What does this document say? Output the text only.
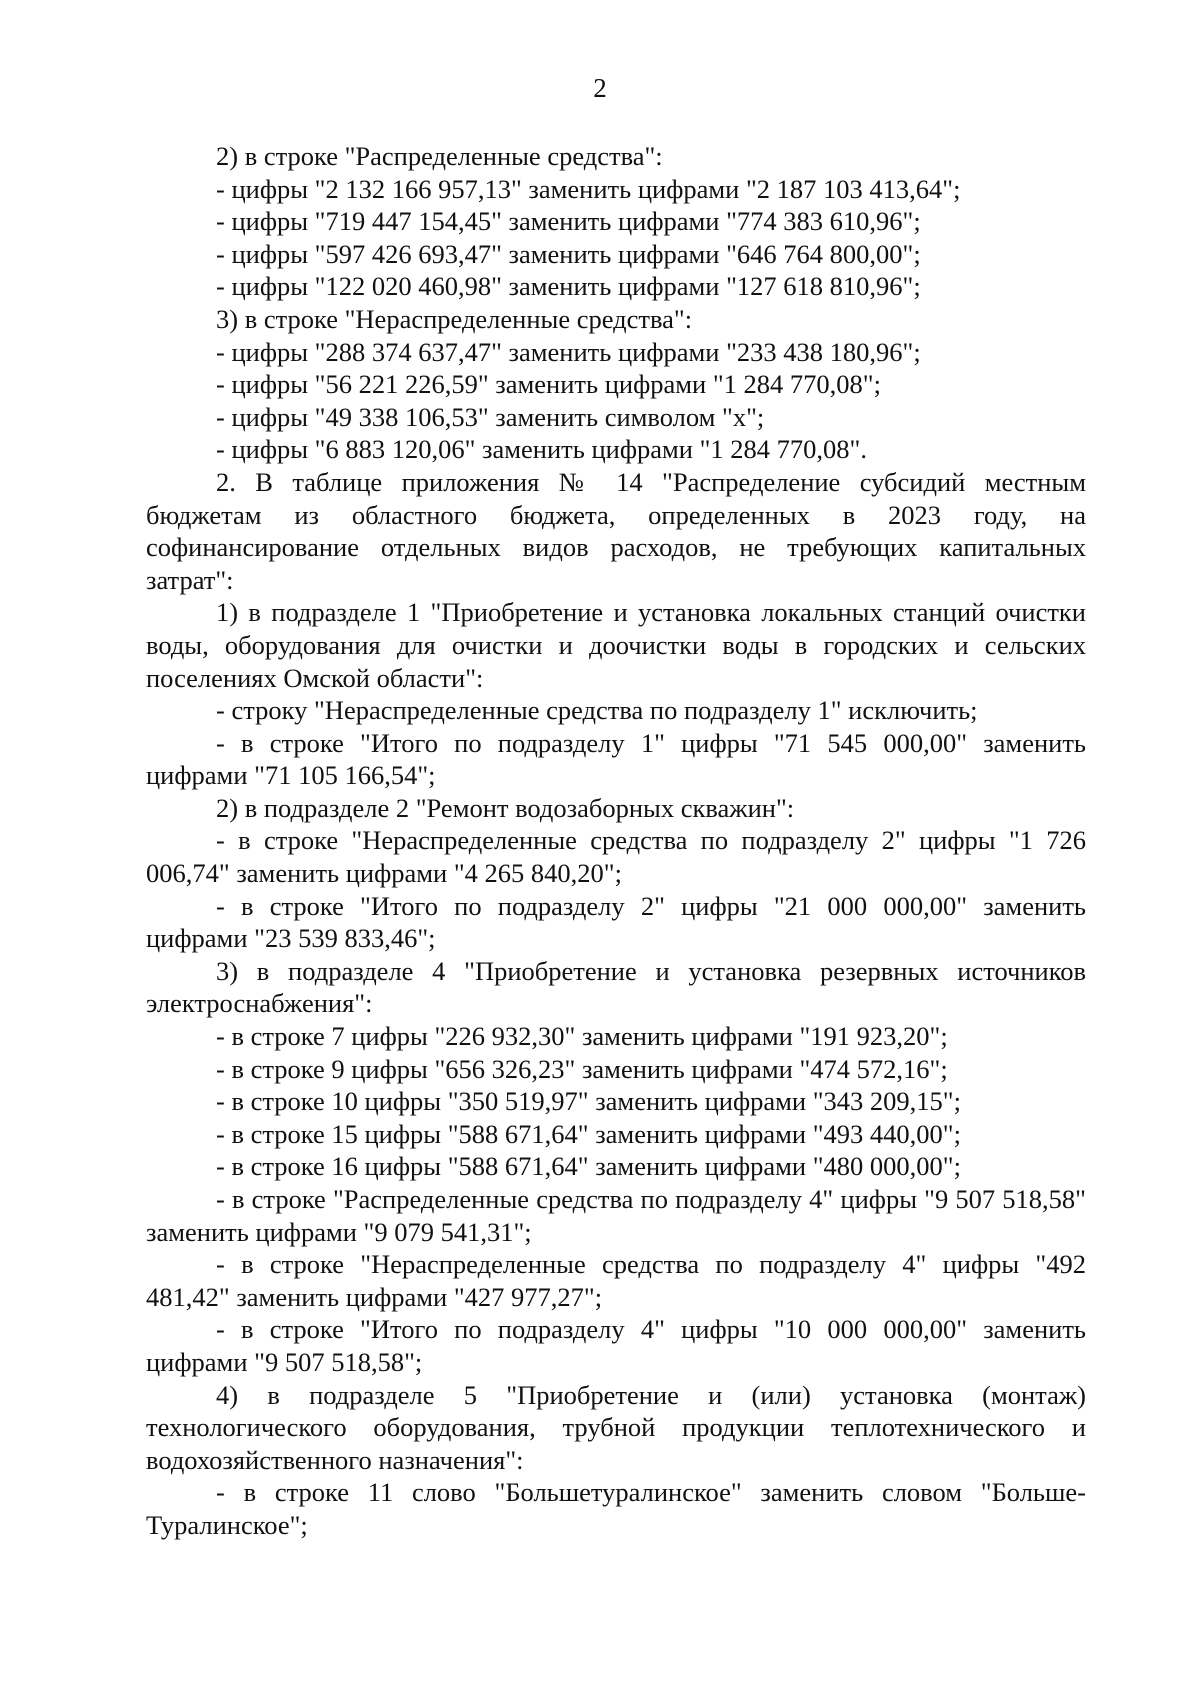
2

2) в строке "Распределенные средства":

- цифры "2 132 166 957,13" заменить цифрами "2 187 103 413,64";

- цифры "719 447 154,45" заменить цифрами "774 383 610,96";

- цифры "597 426 693,47" заменить цифрами "646 764 800,00";

- цифры "122 020 460,98" заменить цифрами "127 618 810,96";

3) в строке "Нераспределенные средства":

- цифры "288 374 637,47" заменить цифрами "233 438 180,96";

- цифры "56 221 226,59" заменить цифрами "1 284 770,08";

- цифры "49 338 106,53" заменить символом "х";

- цифры "6 883 120,06" заменить цифрами "1 284 770,08".

2. В таблице приложения № 14 "Распределение субсидий местным бюджетам из областного бюджета, определенных в 2023 году, на софинансирование отдельных видов расходов, не требующих капитальных затрат":

1) в подразделе 1 "Приобретение и установка локальных станций очистки воды, оборудования для очистки и доочистки воды в городских и сельских поселениях Омской области":

- строку "Нераспределенные средства по подразделу 1" исключить;

- в строке "Итого по подразделу 1" цифры "71 545 000,00" заменить цифрами "71 105 166,54";

2) в подразделе 2 "Ремонт водозаборных скважин":

- в строке "Нераспределенные средства по подразделу 2" цифры "1 726 006,74" заменить цифрами "4 265 840,20";

- в строке "Итого по подразделу 2" цифры "21 000 000,00" заменить цифрами "23 539 833,46";

3) в подразделе 4 "Приобретение и установка резервных источников электроснабжения":

- в строке 7 цифры "226 932,30" заменить цифрами "191 923,20";

- в строке 9 цифры "656 326,23" заменить цифрами "474 572,16";

- в строке 10 цифры "350 519,97" заменить цифрами "343 209,15";

- в строке 15 цифры "588 671,64" заменить цифрами "493 440,00";

- в строке 16 цифры "588 671,64" заменить цифрами "480 000,00";

- в строке "Распределенные средства по подразделу 4" цифры "9 507 518,58" заменить цифрами "9 079 541,31";

- в строке "Нераспределенные средства по подразделу 4" цифры "492 481,42" заменить цифрами "427 977,27";

- в строке "Итого по подразделу 4" цифры "10 000 000,00" заменить цифрами "9 507 518,58";

4) в подразделе 5 "Приобретение и (или) установка (монтаж) технологического оборудования, трубной продукции теплотехнического и водохозяйственного назначения":

- в строке 11 слово "Большетуралинское" заменить словом "Больше-Туралинское";
